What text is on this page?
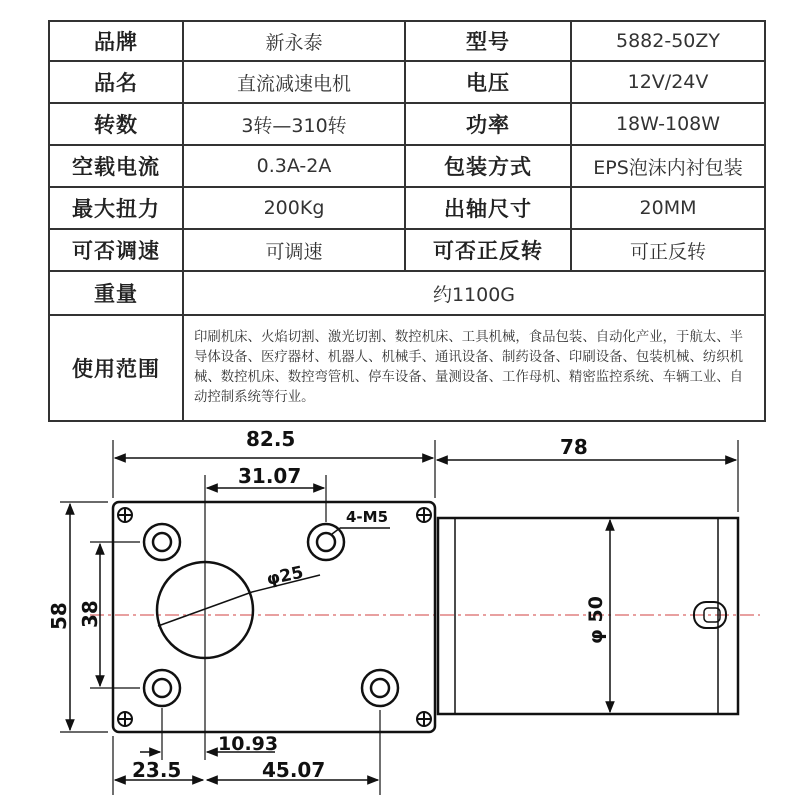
品牌	新永泰	型号	5882-50ZY
品名	直流减速电机	电压	12V/24V
转数	3转—310转	功率	18W-108W
空载电流	0.3A-2A	包装方式	EPS泡沫内衬包装
最大扭力	200Kg	出轴尺寸	20MM
可否调速	可调速	可否正反转	可正反转
重量	约1100G		
使用范围	印刷机床、火焰切割、激光切割、数控机床、工具机械，食品包装、自动化产业，于航太、半导体设备、医疗器材、机器人、机械手、通讯设备、制药设备、印刷设备、包装机械、纺织机械、数控机床、数控弯管机、停车设备、量测设备、工作母机、精密监控系统、车辆工业、自动控制系统等行业。		
82.5	78
31.07
4-M5
φ25
φ 50
58 38
10.93
23.5	45.07
